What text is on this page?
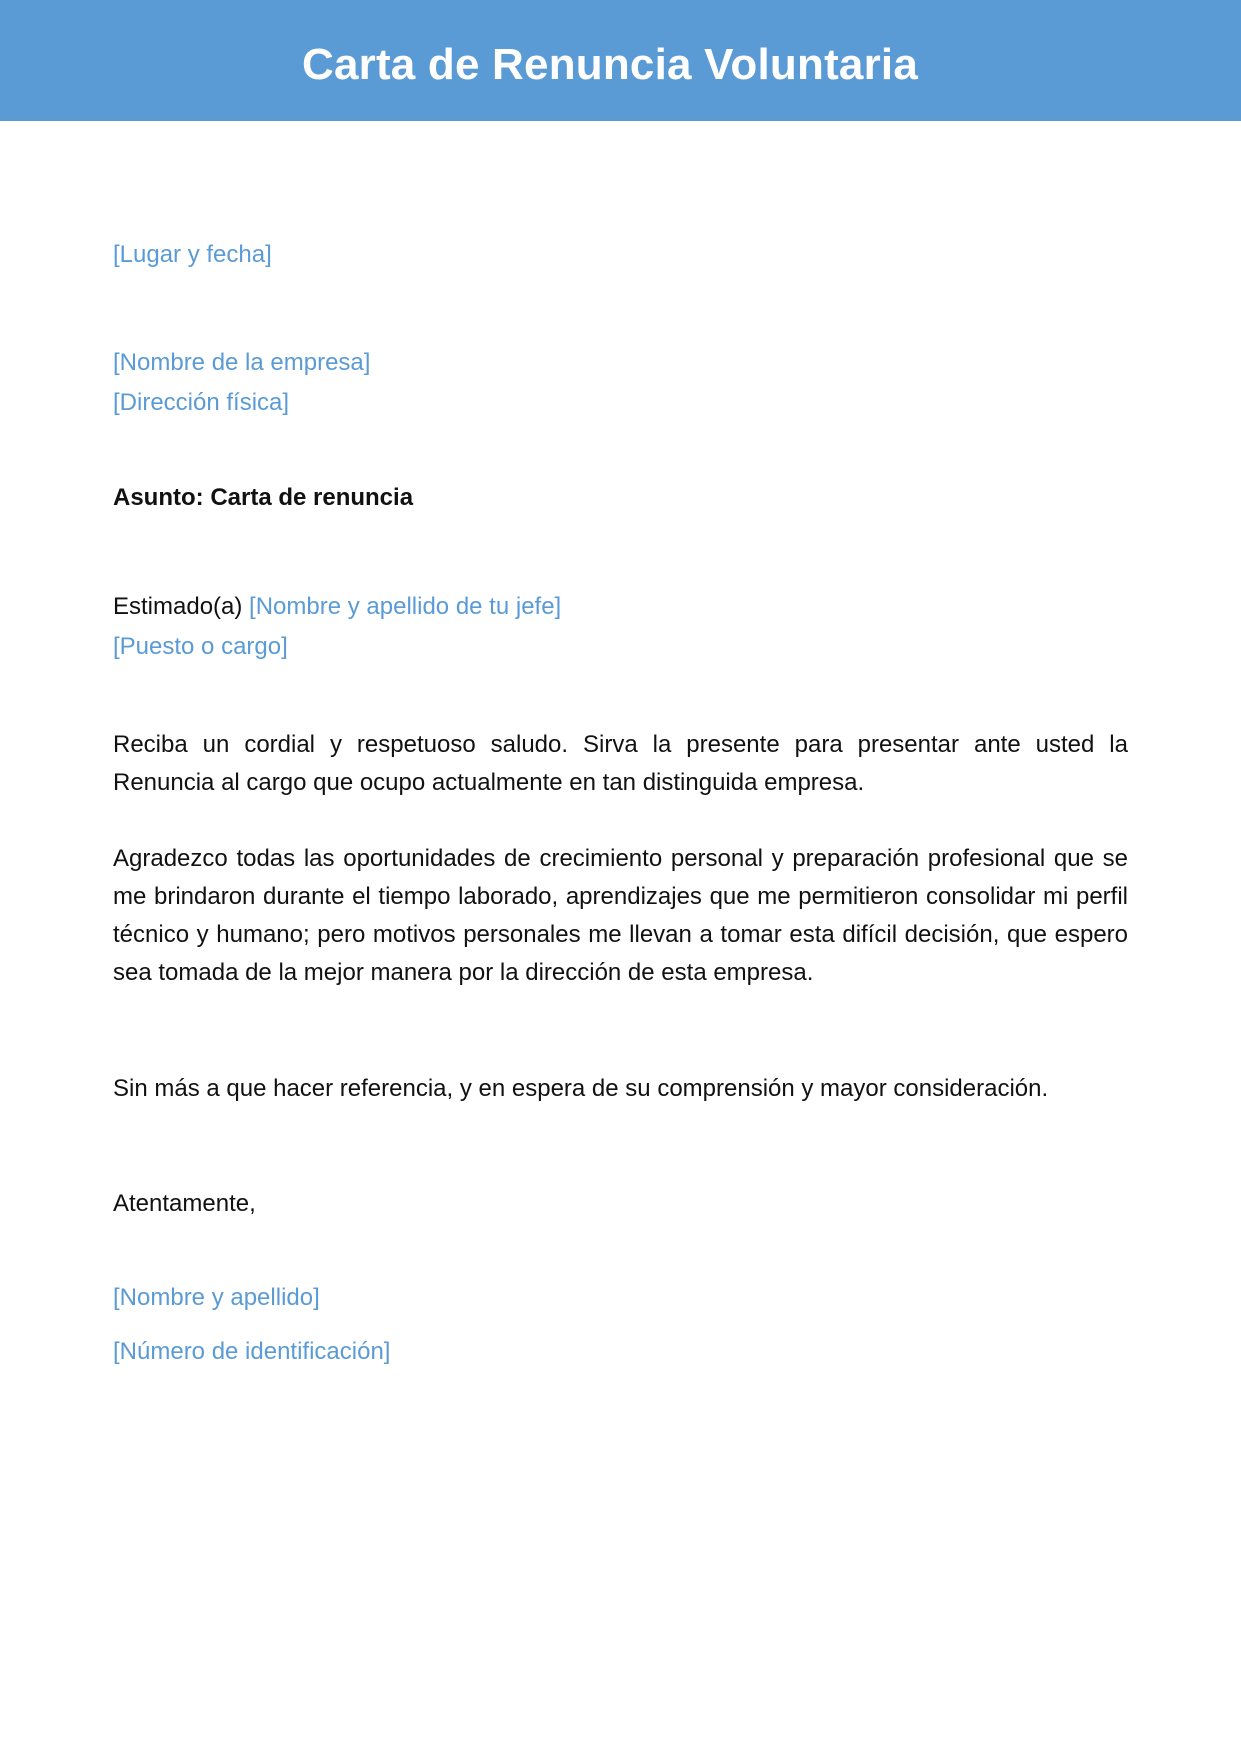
Carta de Renuncia Voluntaria
[Lugar y fecha]
[Nombre de la empresa]
[Dirección física]
Asunto: Carta de renuncia
Estimado(a) [Nombre y apellido de tu jefe]
[Puesto o cargo]
Reciba un cordial y respetuoso saludo. Sirva la presente para presentar ante usted la Renuncia al cargo que ocupo actualmente en tan distinguida empresa.
Agradezco todas las oportunidades de crecimiento personal y preparación profesional que se me brindaron durante el tiempo laborado, aprendizajes que me permitieron consolidar mi perfil técnico y humano; pero motivos personales me llevan a tomar esta difícil decisión, que espero sea tomada de la mejor manera por la dirección de esta empresa.
Sin más a que hacer referencia, y en espera de su comprensión y mayor consideración.
Atentamente,
[Nombre y apellido]
[Número de identificación]
